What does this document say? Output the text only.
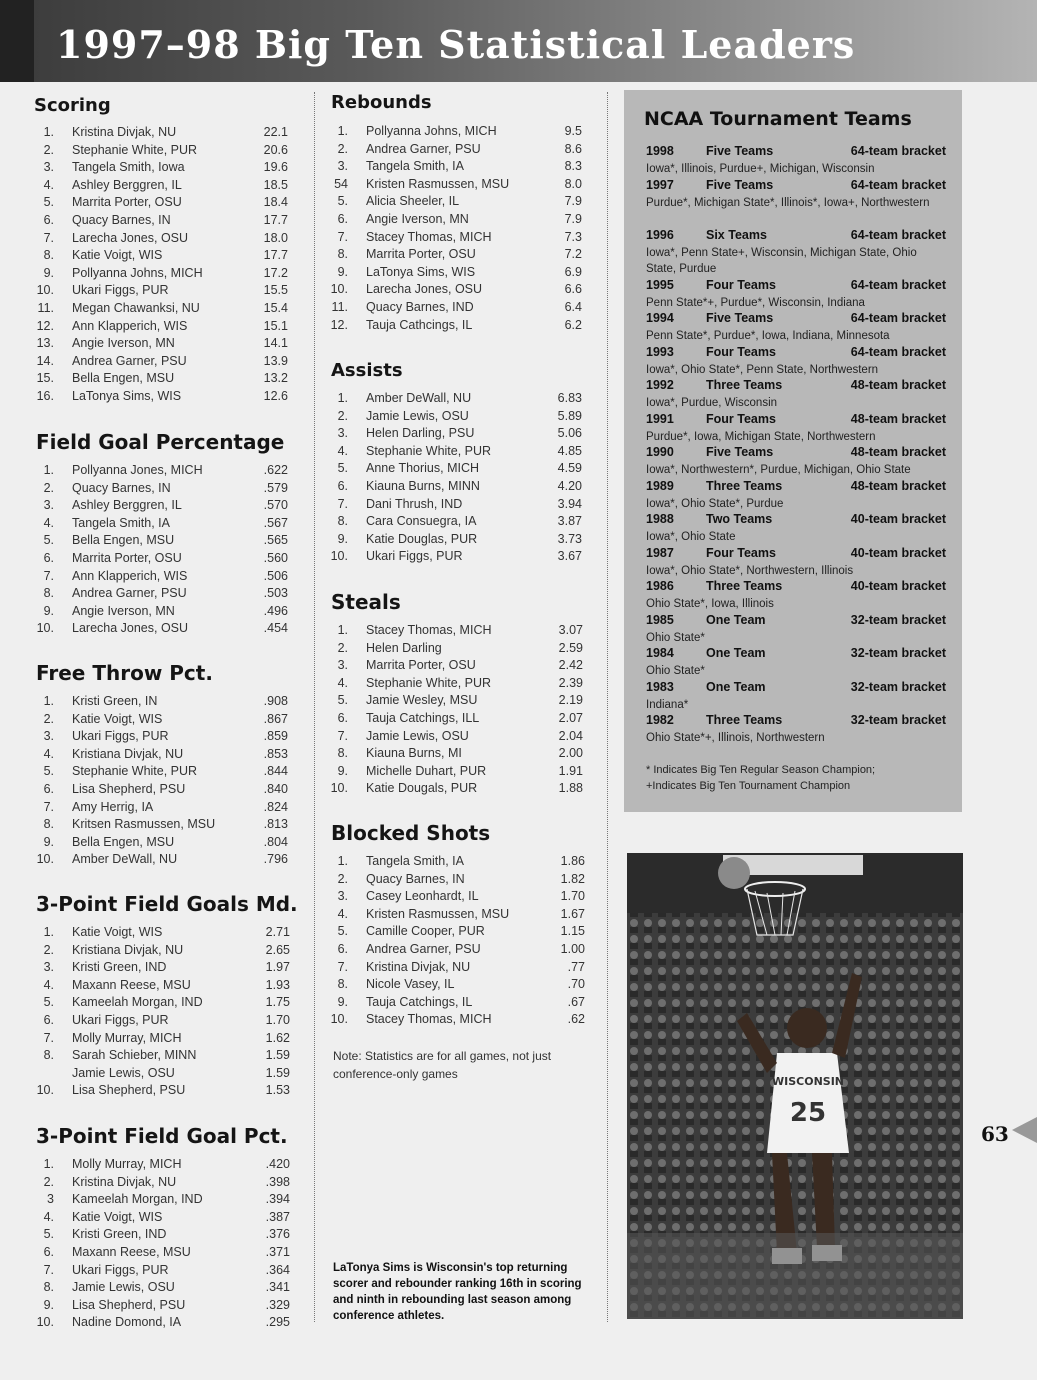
1997–98 Big Ten Statistical Leaders
Scoring
1. Kristina Divjak, NU	22.1
2. Stephanie White, PUR	20.6
3. Tangela Smith, Iowa	19.6
4. Ashley Berggren, IL	18.5
5. Marrita Porter, OSU	18.4
6. Quacy Barnes, IN	17.7
7. Larecha Jones, OSU	18.0
8. Katie Voigt, WIS	17.7
9. Pollyanna Johns, MICH	17.2
10. Ukari Figgs, PUR	15.5
11. Megan Chawanksi, NU	15.4
12. Ann Klapperich, WIS	15.1
13. Angie Iverson, MN	14.1
14. Andrea Garner, PSU	13.9
15. Bella Engen, MSU	13.2
16. LaTonya Sims, WIS	12.6
Field Goal Percentage
1. Pollyanna Jones, MICH	.622
2. Quacy Barnes, IN	.579
3. Ashley Berggren, IL	.570
4. Tangela Smith, IA	.567
5. Bella Engen, MSU	.565
6. Marrita Porter, OSU	.560
7. Ann Klapperich, WIS	.506
8. Andrea Garner, PSU	.503
9. Angie Iverson, MN	.496
10. Larecha Jones, OSU	.454
Free Throw Pct.
1. Kristi Green, IN	.908
2. Katie Voigt, WIS	.867
3. Ukari Figgs, PUR	.859
4. Kristiana Divjak, NU	.853
5. Stephanie White, PUR	.844
6. Lisa Shepherd, PSU	.840
7. Amy Herrig, IA	.824
8. Kritsen Rasmussen, MSU	.813
9. Bella Engen, MSU	.804
10. Amber DeWall, NU	.796
3-Point Field Goals Md.
1. Katie Voigt, WIS	2.71
2. Kristiana Divjak, NU	2.65
3. Kristi Green, IND	1.97
4. Maxann Reese, MSU	1.93
5. Kameelah Morgan, IND	1.75
6. Ukari Figgs, PUR	1.70
7. Molly Murray, MICH	1.62
8. Sarah Schieber, MINN	1.59
Jamie Lewis, OSU	1.59
10. Lisa Shepherd, PSU	1.53
3-Point Field Goal Pct.
1. Molly Murray, MICH	.420
2. Kristina Divjak, NU	.398
3 Kameelah Morgan, IND	.394
4. Katie Voigt, WIS	.387
5. Kristi Green, IND	.376
6. Maxann Reese, MSU	.371
7. Ukari Figgs, PUR	.364
8. Jamie Lewis, OSU	.341
9. Lisa Shepherd, PSU	.329
10. Nadine Domond, IA	.295
Rebounds
1. Pollyanna Johns, MICH	9.5
2. Andrea Garner, PSU	8.6
3. Tangela Smith, IA	8.3
54 Kristen Rasmussen, MSU	8.0
5. Alicia Sheeler, IL	7.9
6. Angie Iverson, MN	7.9
7. Stacey Thomas, MICH	7.3
8. Marrita Porter, OSU	7.2
9. LaTonya Sims, WIS	6.9
10. Larecha Jones, OSU	6.6
11. Quacy Barnes, IND	6.4
12. Tauja Cathcings, IL	6.2
Assists
1. Amber DeWall, NU	6.83
2. Jamie Lewis, OSU	5.89
3. Helen Darling, PSU	5.06
4. Stephanie White, PUR	4.85
5. Anne Thorius, MICH	4.59
6. Kiauna Burns, MINN	4.20
7. Dani Thrush, IND	3.94
8. Cara Consuegra, IA	3.87
9. Katie Douglas, PUR	3.73
10. Ukari Figgs, PUR	3.67
Steals
1. Stacey Thomas, MICH	3.07
2. Helen Darling	2.59
3. Marrita Porter, OSU	2.42
4. Stephanie White, PUR	2.39
5. Jamie Wesley, MSU	2.19
6. Tauja Catchings, ILL	2.07
7. Jamie Lewis, OSU	2.04
8. Kiauna Burns, MI	2.00
9. Michelle Duhart, PUR	1.91
10. Katie Dougals, PUR	1.88
Blocked Shots
1. Tangela Smith, IA	1.86
2. Quacy Barnes, IN	1.82
3. Casey Leonhardt, IL	1.70
4. Kristen Rasmussen, MSU	1.67
5. Camille Cooper, PUR	1.15
6. Andrea Garner, PSU	1.00
7. Kristina Divjak, NU	.77
8. Nicole Vasey, IL	.70
9. Tauja Catchings, IL	.67
10. Stacey Thomas, MICH	.62
Note: Statistics are for all games, not just conference-only games
NCAA Tournament Teams
1998	Five Teams	64-team bracket
Iowa*, Illinois, Purdue+, Michigan, Wisconsin
1997	Five Teams	64-team bracket
Purdue*, Michigan State*, Illinois*, Iowa+, Northwestern
1996	Six Teams	64-team bracket
Iowa*, Penn State+, Wisconsin, Michigan State, Ohio State, Purdue
1995	Four Teams	64-team bracket
Penn State*+, Purdue*, Wisconsin, Indiana
1994	Five Teams	64-team bracket
Penn State*, Purdue*, Iowa, Indiana, Minnesota
1993	Four Teams	64-team bracket
Iowa*, Ohio State*, Penn State, Northwestern
1992	Three Teams	48-team bracket
Iowa*, Purdue, Wisconsin
1991	Four Teams	48-team bracket
Purdue*, Iowa, Michigan State, Northwestern
1990	Five Teams	48-team bracket
Iowa*, Northwestern*, Purdue, Michigan, Ohio State
1989	Three Teams	48-team bracket
Iowa*, Ohio State*, Purdue
1988	Two Teams	40-team bracket
Iowa*, Ohio State
1987	Four Teams	40-team bracket
Iowa*, Ohio State*, Northwestern, Illinois
1986	Three Teams	40-team bracket
Ohio State*, Iowa, Illinois
1985	One Team	32-team bracket
Ohio State*
1984	One Team	32-team bracket
Ohio State*
1983	One Team	32-team bracket
Indiana*
1982	Three Teams	32-team bracket
Ohio State*+, Illinois, Northwestern
* Indicates Big Ten Regular Season Champion;
+Indicates Big Ten Tournament Champion
WISCONSIN
25
LaTonya Sims is Wisconsin's top returning scorer and rebounder ranking 16th in scoring and ninth in rebounding last season among conference athletes.
63
